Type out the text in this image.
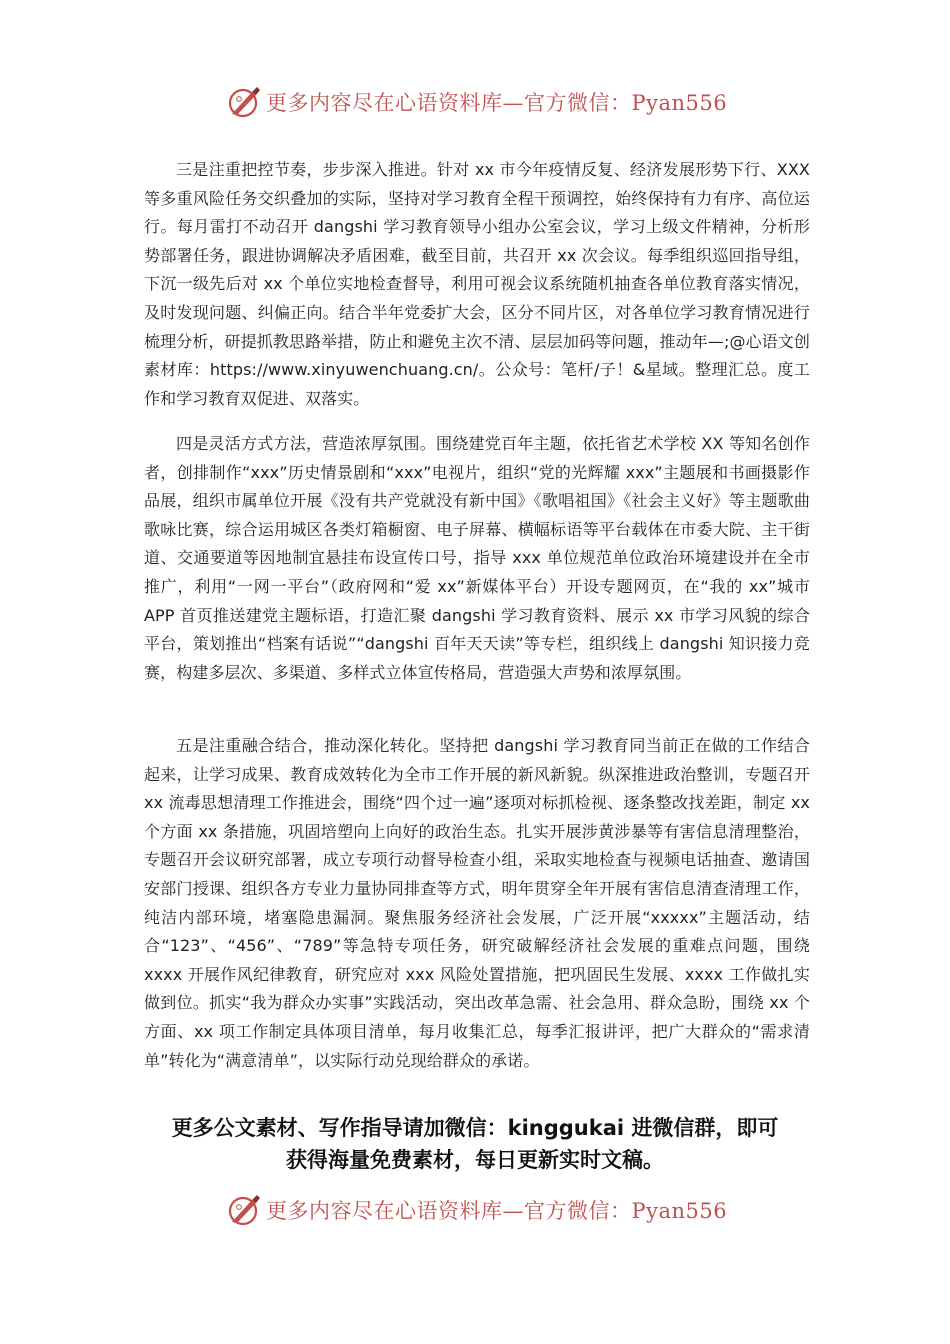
更多内容尽在心语资料库—官方微信：Pyan556

三是注重把控节奏，步步深入推进。针对 xx 市今年疫情反复、经济发展形势下行、XXX 等多重风险任务交织叠加的实际，坚持对学习教育全程干预调控，始终保持有力有序、高位运行。每月雷打不动召开 dangshi 学习教育领导小组办公室会议，学习上级文件精神，分析形势部署任务，跟进协调解决矛盾困难，截至目前，共召开 xx 次会议。每季组织巡回指导组，下沉一级先后对 xx 个单位实地检查督导，利用可视会议系统随机抽查各单位教育落实情况，及时发现问题、纠偏正向。结合半年党委扩大会，区分不同片区，对各单位学习教育情况进行梳理分析，研提抓教思路举措，防止和避免主次不清、层层加码等问题，推动年—;@心语文创素材库：https://www.xinyuwenchuang.cn/。公众号：笔杆/子！&星域。整理汇总。度工作和学习教育双促进、双落实。

四是灵活方式方法，营造浓厚氛围。围绕建党百年主题，依托省艺术学校 XX 等知名创作者，创排制作“xxx”历史情景剧和“xxx”电视片，组织“党的光辉耀 xxx”主题展和书画摄影作品展，组织市属单位开展《没有共产党就没有新中国》《歌唱祖国》《社会主义好》等主题歌曲歌咏比赛，综合运用城区各类灯箱橱窗、电子屏幕、横幅标语等平台载体在市委大院、主干街道、交通要道等因地制宜悬挂布设宣传口号，指导 xxx 单位规范单位政治环境建设并在全市推广，利用“一网一平台”（政府网和“爱 xx”新媒体平台）开设专题网页，在“我的 xx”城市 APP 首页推送建党主题标语，打造汇聚 dangshi 学习教育资料、展示 xx 市学习风貌的综合平台，策划推出“档案有话说”“dangshi 百年天天读”等专栏，组织线上 dangshi 知识接力竞赛，构建多层次、多渠道、多样式立体宣传格局，营造强大声势和浓厚氛围。

五是注重融合结合，推动深化转化。坚持把 dangshi 学习教育同当前正在做的工作结合起来，让学习成果、教育成效转化为全市工作开展的新风新貌。纵深推进政治整训，专题召开 xx 流毒思想清理工作推进会，围绕“四个过一遍”逐项对标抓检视、逐条整改找差距，制定 xx 个方面 xx 条措施，巩固培塑向上向好的政治生态。扎实开展涉黄涉暴等有害信息清理整治，专题召开会议研究部署，成立专项行动督导检查小组，采取实地检查与视频电话抽查、邀请国安部门授课、组织各方专业力量协同排查等方式，明年贯穿全年开展有害信息清查清理工作，纯洁内部环境，堵塞隐患漏洞。聚焦服务经济社会发展，广泛开展“xxxxx”主题活动，结合“123”、“456”、“789”等急特专项任务，研究破解经济社会发展的重难点问题，围绕 xxxx 开展作风纪律教育，研究应对 xxx 风险处置措施，把巩固民生发展、xxxx 工作做扎实做到位。抓实“我为群众办实事”实践活动，突出改革急需、社会急用、群众急盼，围绕 xx 个方面、xx 项工作制定具体项目清单，每月收集汇总，每季汇报讲评，把广大群众的“需求清单”转化为“满意清单”，以实际行动兑现给群众的承诺。

更多公文素材、写作指导请加微信：kinggukai 进微信群，即可
获得海量免费素材，每日更新实时文稿。
更多内容尽在心语资料库—官方微信：Pyan556
